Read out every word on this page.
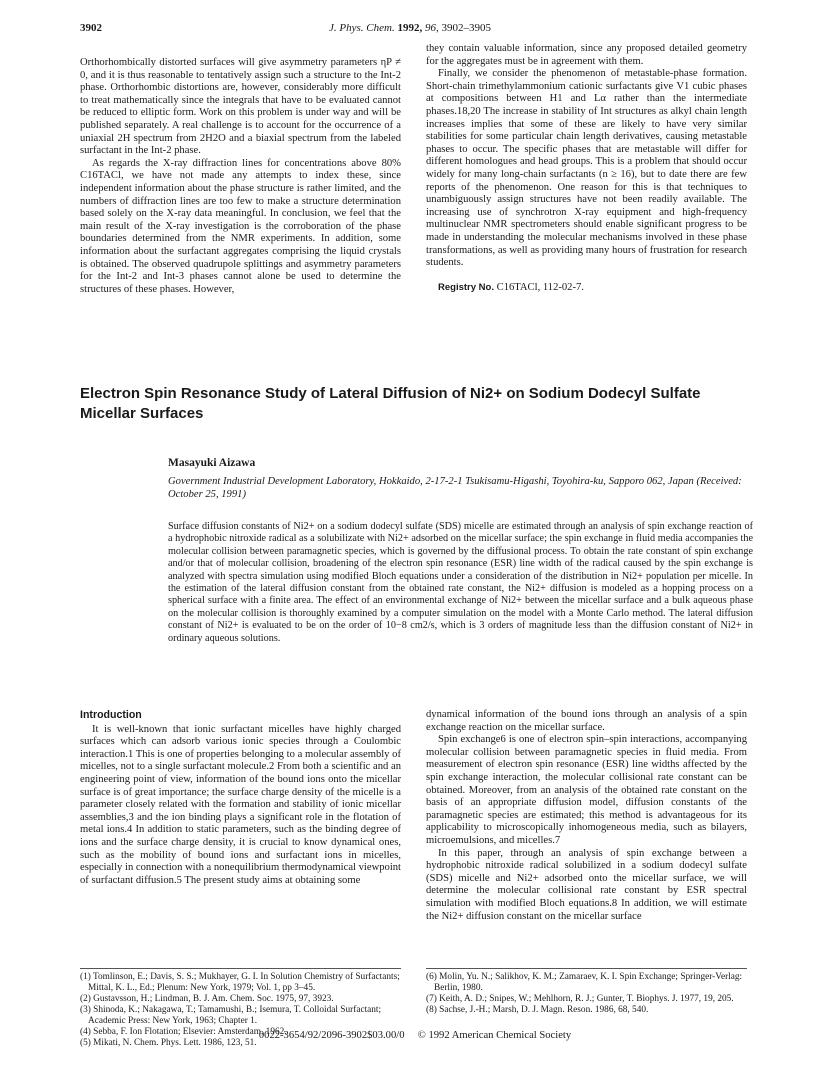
3902	J. Phys. Chem. 1992, 96, 3902–3905

Orthorhombically distorted surfaces will give asymmetry parameters ηP ≠ 0, and it is thus reasonable to tentatively assign such a structure to the Int-2 phase. Orthorhombic distortions are, however, considerably more difficult to treat mathematically since the integrals that have to be evaluated cannot be reduced to elliptic form. Work on this problem is under way and will be published separately. A real challenge is to account for the occurrence of a uniaxial 2H spectrum from 2H2O and a biaxial spectrum from the labeled surfactant in the Int-2 phase.

As regards the X-ray diffraction lines for concentrations above 80% C16TACl, we have not made any attempts to index these, since independent information about the phase structure is rather limited, and the numbers of diffraction lines are too few to make a structure determination based solely on the X-ray data meaningful. In conclusion, we feel that the main result of the X-ray investigation is the corroboration of the phase boundaries determined from the NMR experiments. In addition, some information about the surfactant aggregates comprising the liquid crystals is obtained. The observed quadrupole splittings and asymmetry parameters for the Int-2 and Int-3 phases cannot alone be used to determine the structures of these phases. However,

they contain valuable information, since any proposed detailed geometry for the aggregates must be in agreement with them.

Finally, we consider the phenomenon of metastable-phase formation. Short-chain trimethylammonium cationic surfactants give V1 cubic phases at compositions between H1 and Lα rather than the intermediate phases.18,20 The increase in stability of Int structures as alkyl chain length increases implies that some of these are likely to have very similar stabilities for some particular chain length derivatives, causing metastable phases to occur. The specific phases that are metastable will differ for different homologues and head groups. This is a problem that should occur widely for many long-chain surfactants (n ≥ 16), but to date there are few reports of the phenomenon. One reason for this is that techniques to unambiguously assign structures have not been readily available. The increasing use of synchrotron X-ray equipment and high-frequency multinuclear NMR spectrometers should enable significant progress to be made in understanding the molecular mechanisms involved in these phase transformations, as well as providing many hours of frustration for research students.

Registry No. C16TACl, 112-02-7.

Electron Spin Resonance Study of Lateral Diffusion of Ni2+ on Sodium Dodecyl Sulfate Micellar Surfaces
Masayuki Aizawa
Government Industrial Development Laboratory, Hokkaido, 2-17-2-1 Tsukisamu-Higashi, Toyohira-ku, Sapporo 062, Japan (Received: October 25, 1991)

Surface diffusion constants of Ni2+ on a sodium dodecyl sulfate (SDS) micelle are estimated through an analysis of spin exchange reaction of a hydrophobic nitroxide radical as a solubilizate with Ni2+ adsorbed on the micellar surface; the spin exchange in fluid media accompanies the molecular collision between paramagnetic species, which is governed by the diffusional process. To obtain the rate constant of spin exchange and/or that of molecular collision, broadening of the electron spin resonance (ESR) line width of the radical caused by the spin exchange is analyzed with spectra simulation using modified Bloch equations under a consideration of the distribution in Ni2+ population per micelle. In the estimation of the lateral diffusion constant from the obtained rate constant, the Ni2+ diffusion is modeled as a hopping process on a spherical surface with a finite area. The effect of an environmental exchange of Ni2+ between the micellar surface and a bulk aqueous phase on the molecular collision is thoroughly examined by a computer simulation on the model with a Monte Carlo method. The lateral diffusion constant of Ni2+ is evaluated to be on the order of 10−8 cm2/s, which is 3 orders of magnitude less than the diffusion constant of Ni2+ in ordinary aqueous solutions.

Introduction

It is well-known that ionic surfactant micelles have highly charged surfaces which can adsorb various ionic species through a Coulombic interaction.1 This is one of properties belonging to a molecular assembly of micelles, not to a single surfactant molecule.2 From both a scientific and an engineering point of view, information of the bound ions onto the micellar surface is of great importance; the surface charge density of the micelle is a parameter closely related with the formation and stability of ionic micellar assemblies,3 and the ion binding plays a significant role in the flotation of metal ions.4 In addition to static parameters, such as the binding degree of ions and the surface charge density, it is crucial to know dynamical ones, such as the mobility of bound ions and surfactant ions in micelles, especially in connection with a nonequilibrium thermodynamical viewpoint of surfactant diffusion.5 The present study aims at obtaining some

dynamical information of the bound ions through an analysis of a spin exchange reaction on the micellar surface.

Spin exchange6 is one of electron spin–spin interactions, accompanying molecular collision between paramagnetic species in fluid media. From measurement of electron spin resonance (ESR) line widths affected by the spin exchange interaction, the molecular collisional rate constant can be obtained. Moreover, from an analysis of the obtained rate constant on the basis of an appropriate diffusion model, diffusion constants of the paramagnetic species are estimated; this method is advantageous for its applicability to microscopically inhomogeneous media, such as bilayers, microemulsions, and micelles.7

In this paper, through an analysis of spin exchange between a hydrophobic nitroxide radical solubilized in a sodium dodecyl sulfate (SDS) micelle and Ni2+ adsorbed onto the micellar surface, we will determine the molecular collisional rate constant by ESR spectral simulation with modified Bloch equations.8 In addition, we will estimate the Ni2+ diffusion constant on the micellar surface

(1) Tomlinson, E.; Davis, S. S.; Mukhayer, G. I. In Solution Chemistry of Surfactants; Mittal, K. L., Ed.; Plenum: New York, 1979; Vol. 1, pp 3–45.
(2) Gustavsson, H.; Lindman, B. J. Am. Chem. Soc. 1975, 97, 3923.
(3) Shinoda, K.; Nakagawa, T.; Tamamushi, B.; Isemura, T. Colloidal Surfactant; Academic Press: New York, 1963; Chapter 1.
(4) Sebba, F. Ion Flotation; Elsevier: Amsterdam, 1962.
(5) Mikati, N. Chem. Phys. Lett. 1986, 123, 51.
(6) Molin, Yu. N.; Salikhov, K. M.; Zamaraev, K. I. Spin Exchange; Springer-Verlag: Berlin, 1980.
(7) Keith, A. D.; Snipes, W.; Mehlhorn, R. J.; Gunter, T. Biophys. J. 1977, 19, 205.
(8) Sachse, J.-H.; Marsh, D. J. Magn. Reson. 1986, 68, 540.
0022-3654/92/2096-3902$03.00/0 © 1992 American Chemical Society
